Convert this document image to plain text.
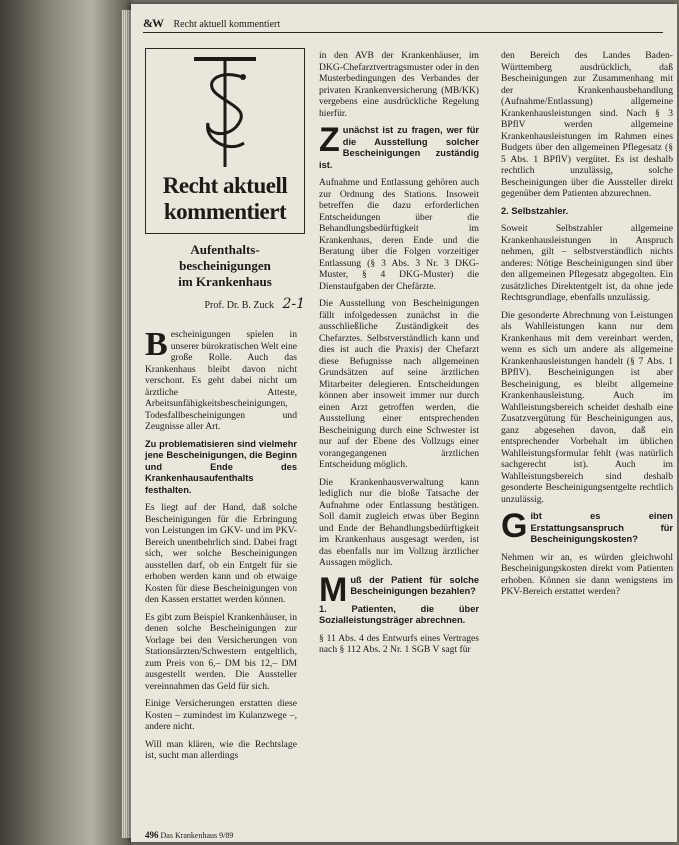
&W Recht aktuell kommentiert
Recht aktuell
kommentiert
Aufenthalts-
bescheinigungen
im Krankenhaus
Prof. Dr. B. Zuck 2-1

Bescheinigungen spielen in unserer bürokratischen Welt eine große Rolle. Auch das Krankenhaus bleibt davon nicht verschont. Es geht dabei nicht um ärztliche Atteste, Arbeitsunfähigkeitsbescheinigungen, Todesfallbescheinigungen und Zeugnisse aller Art.

Zu problematisieren sind vielmehr jene Bescheinigungen, die Beginn und Ende des Krankenhausaufenthalts festhalten.

Es liegt auf der Hand, daß solche Bescheinigungen für die Erbringung von Leistungen im GKV- und im PKV-Bereich unentbehrlich sind. Dabei fragt sich, wer solche Bescheinigungen ausstellen darf, ob ein Entgelt für sie erhoben werden kann und ob etwaige Kosten für diese Bescheinigungen von den Kassen erstattet werden können.

Es gibt zum Beispiel Krankenhäuser, in denen solche Bescheinigungen zur Vorlage bei den Versicherungen von Stationsärzten/Schwestern entgeltlich, zum Preis von 6,– DM bis 12,– DM ausgestellt werden. Die Aussteller vereinnahmen das Geld für sich.

Einige Versicherungen erstatten diese Kosten – zumindest im Kulanzwege –, andere nicht.

Will man klären, wie die Rechtslage ist, sucht man allerdings

in den AVB der Krankenhäuser, im DKG-Chefarztvertragsmuster oder in den Musterbedingungen des Verbandes der privaten Krankenversicherung (MB/KK) vergebens eine ausdrückliche Regelung hierfür.

Zunächst ist zu fragen, wer für die Ausstellung solcher Bescheinigungen zuständig ist.

Aufnahme und Entlassung gehören auch zur Ordnung des Stations. Insoweit betreffen die dazu erforderlichen Entscheidungen über die Behandlungsbedürftigkeit im Krankenhaus, deren Ende und die Beratung über die Folgen vorzeitiger Entlassung (§ 3 Abs. 3 Nr. 3 DKG-Muster, § 4 DKG-Muster) die Dienstaufgaben der Chefärzte.

Die Ausstellung von Bescheinigungen fällt infolgedessen zunächst in die ausschließliche Zuständigkeit des Chefarztes. Selbstverständlich kann und dies ist auch die Praxis) der Chefarzt diese Befugnisse nach allgemeinen Grundsätzen auf seine ärztlichen Mitarbeiter delegieren. Entscheidungen können aber insoweit immer nur durch einen Arzt getroffen werden, die Ausstellung einer entsprechenden Bescheinigung durch eine Schwester ist nur auf der Ebene des Vollzugs einer vorangegangenen ärztlichen Entscheidung möglich.

Die Krankenhausverwaltung kann lediglich nur die bloße Tatsache der Aufnahme oder Entlassung bestätigen. Soll damit zugleich etwas über Beginn und Ende der Behandlungsbedürftigkeit im Krankenhaus ausgesagt werden, ist das ebenfalls nur im Vollzug ärztlicher Aussagen möglich.

Muß der Patient für solche Bescheinigungen bezahlen?

1. Patienten, die über Sozialleistungsträger abrechnen.

§ 11 Abs. 4 des Entwurfs eines Vertrages nach § 112 Abs. 2 Nr. 1 SGB V sagt für

den Bereich des Landes Baden-Württemberg ausdrücklich, daß Bescheinigungen zur Zusammenhang mit der Krankenhausbehandlung (Aufnahme/Entlassung) allgemeine Krankenhausleistungen sind. Nach § 3 BPflV werden allgemeine Krankenhausleistungen im Rahmen eines Budgets über den allgemeinen Pflegesatz (§ 5 Abs. 1 BPflV) vergütet. Es ist deshalb rechtlich unzulässig, solche Bescheinigungen über die Aussteller direkt gegenüber dem Patienten abzurechnen.

2. Selbstzahler.

Soweit Selbstzahler allgemeine Krankenhausleistungen in Anspruch nehmen, gilt – selbstverständlich nichts anderes: Nötige Bescheinigungen sind über den allgemeinen Pflegesatz abgegolten. Ein zusätzliches Direktentgelt ist, da ohne jede Rechtsgrundlage, ebenfalls unzulässig.

Die gesonderte Abrechnung von Leistungen als Wahlleistungen kann nur dem Krankenhaus mit dem vereinbart werden, wenn es sich um andere als allgemeine Krankenhausleistungen handelt (§ 7 Abs. 1 BPflV). Bescheinigungen ist aber Bescheinigung, es bleibt allgemeine Krankenhausleistung. Auch im Wahlleistungsbereich scheidet deshalb eine Zusatzvergütung für Bescheinigungen aus, ganz abgesehen davon, daß ein entsprechender Vorbehalt im üblichen Wahlleistungsformular fehlt (was natürlich sachgerecht ist). Auch im Wahlleistungsbereich sind deshalb gesonderte Bescheinigungsentgelte rechtlich unzulässig.

Gibt es einen Erstattungsanspruch für Bescheinigungskosten?

Nehmen wir an, es würden gleichwohl Bescheinigungskosten direkt vom Patienten erhoben. Können sie dann wenigstens im PKV-Bereich erstattet werden?

496 Das Krankenhaus 9/89
